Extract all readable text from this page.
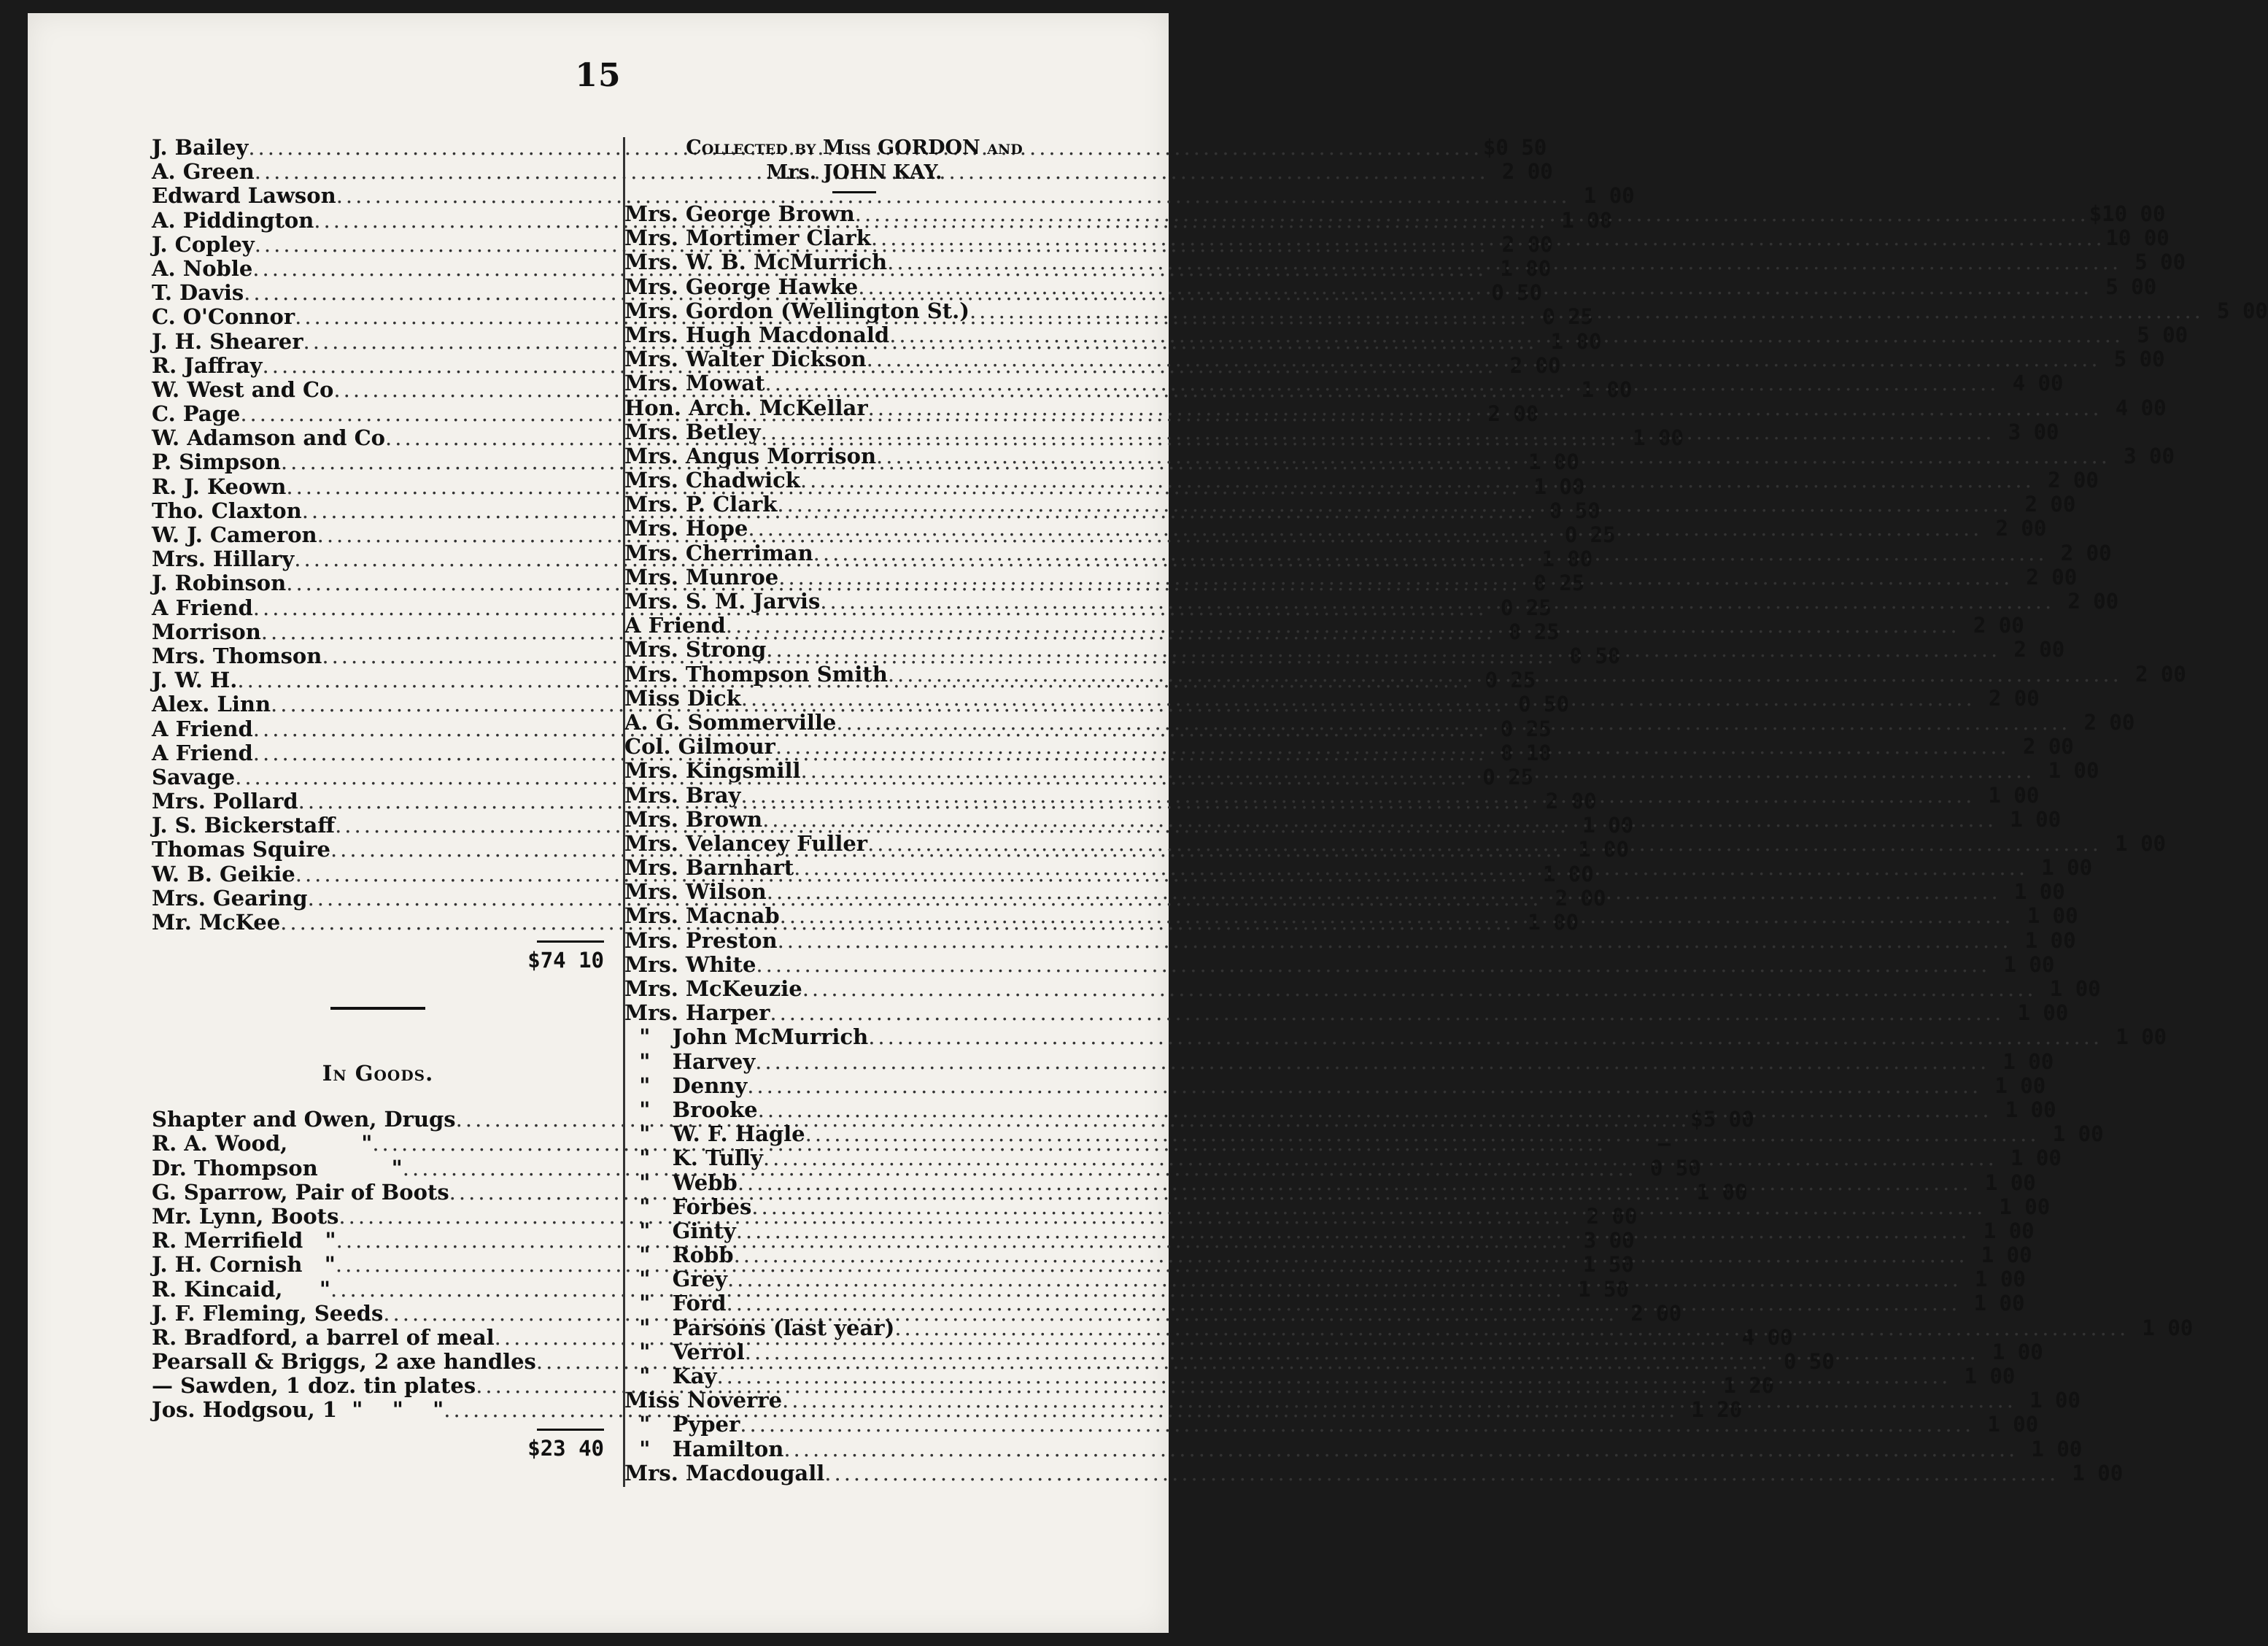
15
J. Bailey .....	$0 50
A. Green .....	2 00
Edward Lawson .....	1 00
A. Piddington .....	1 00
J. Copley .....	2 00
A. Noble .....	1 00
T. Davis .....	0 50
C. O'Connor .....	0 25
J. H. Shearer .....	1 00
R. Jaffray .....	2 00
W. West and Co .....	1 00
C. Page .....	2 00
W. Adamson and Co .....	1 00
P. Simpson .....	1 00
R. J. Keown .....	1 00
Tho. Claxton .....	0 50
W. J. Cameron .....	0 25
Mrs. Hillary .....	1 00
J. Robinson .....	0 25
A Friend .....	0 25
Morrison .....	0 25
Mrs. Thomson .....	0 50
J. W. H. .....	0 25
Alex. Linn .....	0 50
A Friend .....	0 25
A Friend .....	0 10
Savage .....	0 25
Mrs. Pollard .....	2 00
J. S. Bickerstaff .....	1 00
Thomas Squire .....	1 00
W. B. Geikie .....	1 00
Mrs. Gearing .....	2 00
Mr. McKee .....	1 00
$74 10
In Goods.
Shapter and Owen, Drugs .....	$5 00
R. A. Wood,          " .....	—
Dr. Thompson          " .....	0 50
G. Sparrow, Pair of Boots .....	1 00
Mr. Lynn, Boots .....	2 00
R. Merrifield   " .....	3 00
J. H. Cornish   " .....	1 50
R. Kincaid,     " .....	1 50
J. F. Fleming, Seeds .....	2 00
R. Bradford, a barrel of meal .....	4 00
Pearsall & Briggs, 2 axe handles .....	0 50
— Sawden, 1 doz. tin plates .....	1 20
Jos. Hodgsou, 1  "    "    " .....	1 20
$23 40
Collected by Miss GORDON and
Mrs. JOHN KAY.
Mrs. George Brown .....	$10 00
Mrs. Mortimer Clark .....	10 00
Mrs. W. B. McMurrich .....	5 00
Mrs. George Hawke .....	5 00
Mrs. Gordon (Wellington St.) .....	5 00
Mrs. Hugh Macdonald .....	5 00
Mrs. Walter Dickson .....	5 00
Mrs. Mowat .....	4 00
Hon. Arch. McKellar .....	4 00
Mrs. Betley .....	3 00
Mrs. Angus Morrison .....	3 00
Mrs. Chadwick .....	2 00
Mrs. P. Clark .....	2 00
Mrs. Hope .....	2 00
Mrs. Cherriman .....	2 00
Mrs. Munroe .....	2 00
Mrs. S. M. Jarvis .....	2 00
A Friend .....	2 00
Mrs. Strong .....	2 00
Mrs. Thompson Smith .....	2 00
Miss Dick .....	2 00
A. G. Sommerville .....	2 00
Col. Gilmour .....	2 00
Mrs. Kingsmill .....	1 00
Mrs. Bray .....	1 00
Mrs. Brown .....	1 00
Mrs. Velancey Fuller .....	1 00
Mrs. Barnhart .....	1 00
Mrs. Wilson .....	1 00
Mrs. Macnab .....	1 00
Mrs. Preston .....	1 00
Mrs. White .....	1 00
Mrs. McKeuzie .....	1 00
Mrs. Harper .....	1 00
"   John McMurrich .....	1 00
"   Harvey .....	1 00
"   Denny .....	1 00
"   Brooke .....	1 00
"   W. F. Hagle .....	1 00
"   K. Tully .....	1 00
"   Webb .....	1 00
"   Forbes .....	1 00
"   Ginty .....	1 00
"   Robb .....	1 00
"   Grey .....	1 00
"   Ford .....	1 00
"   Parsons (last year) .....	1 00
"   Verrol .....	1 00
"   Kay .....	1 00
Miss Noverre .....	1 00
"   Pyper .....	1 00
"   Hamilton .....	1 00
Mrs. Macdougall .....	1 00
